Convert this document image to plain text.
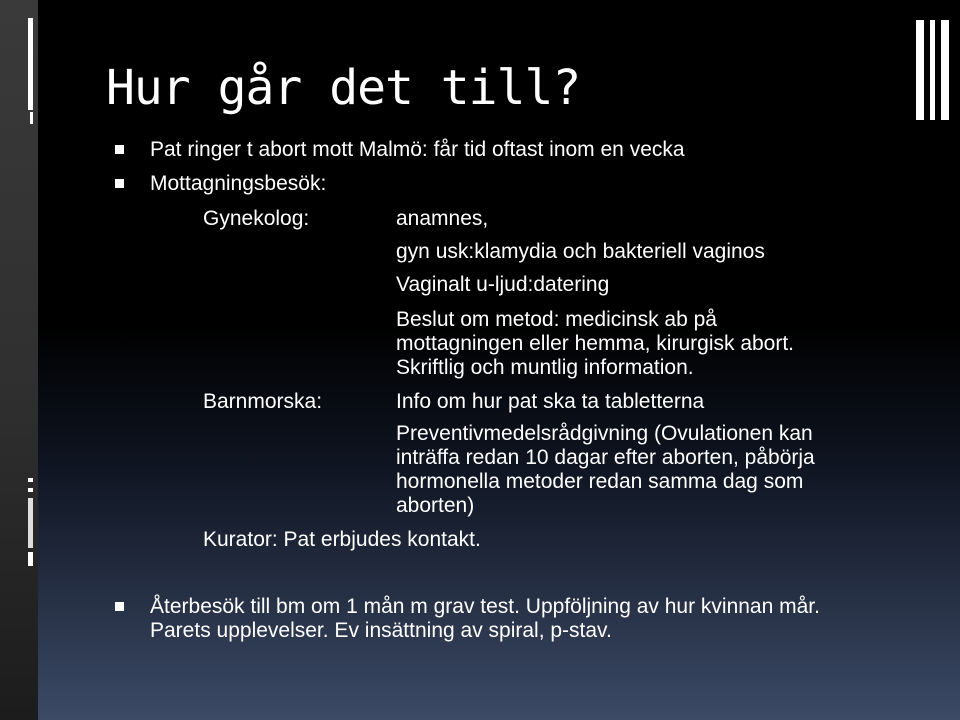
Hur går det till?
Pat ringer t abort mott Malmö: får tid oftast inom en vecka
Mottagningsbesök:
Gynekolog:	anamnes,
gyn usk:klamydia och bakteriell vaginos
Vaginalt u-ljud:datering
Beslut om metod: medicinsk ab på
mottagningen eller hemma, kirurgisk abort.
Skriftlig och muntlig information.
Barnmorska:	Info om hur pat ska ta tabletterna
Preventivmedelsrådgivning (Ovulationen kan
inträffa redan 10 dagar efter aborten, påbörja
hormonella metoder redan samma dag som
aborten)
Kurator: Pat erbjudes kontakt.
Återbesök till bm om 1 mån m grav test. Uppföljning av hur kvinnan mår.
Parets upplevelser. Ev insättning av spiral, p-stav.
